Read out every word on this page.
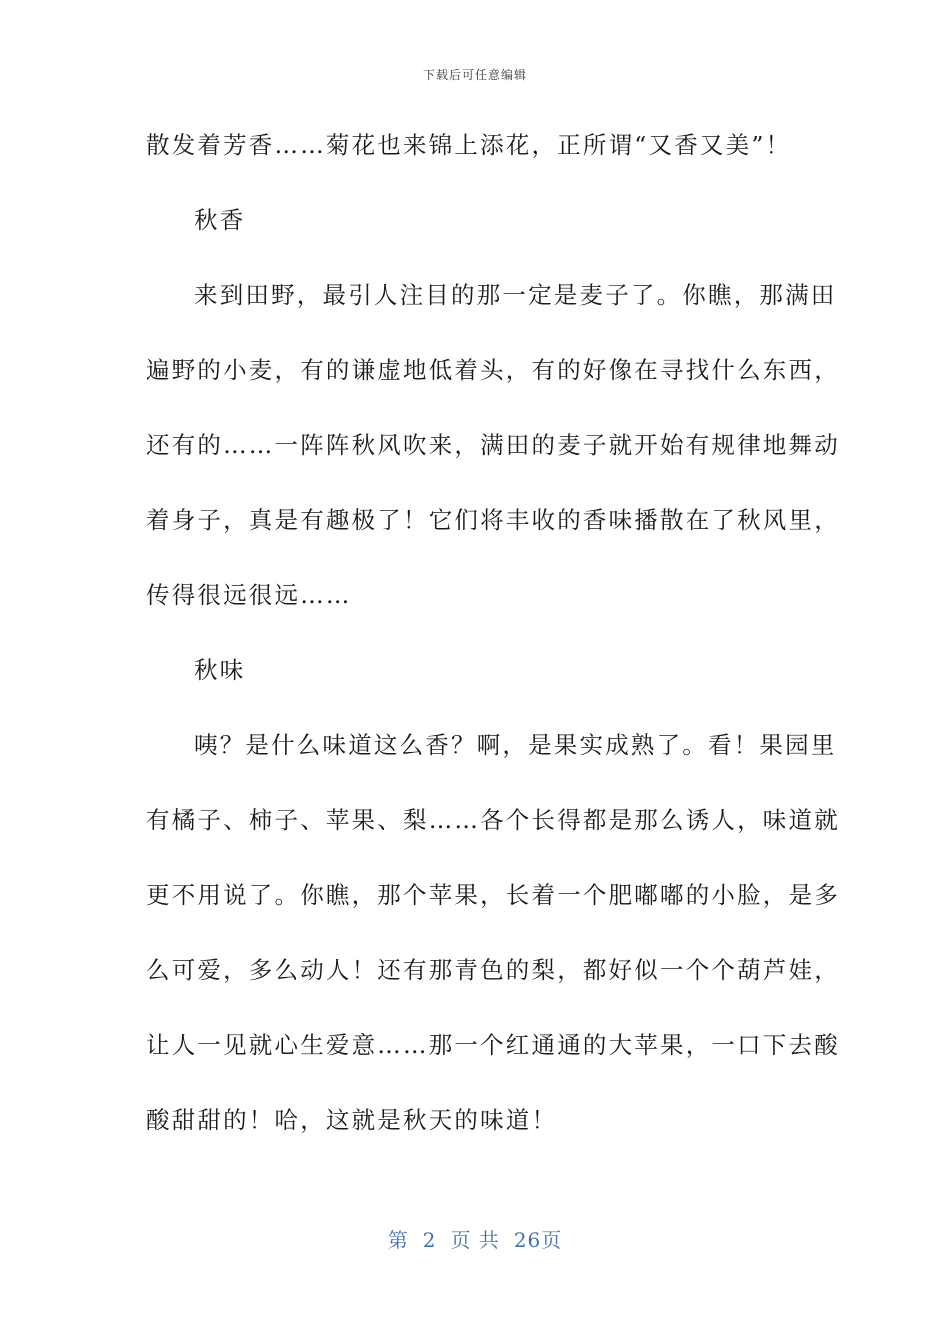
下载后可任意编辑
散发着芳香……菊花也来锦上添花，正所谓“又香又美”！
秋香
来到田野，最引人注目的那一定是麦子了。你瞧，那满田
遍野的小麦，有的谦虚地低着头，有的好像在寻找什么东西，
还有的……一阵阵秋风吹来，满田的麦子就开始有规律地舞动
着身子，真是有趣极了！它们将丰收的香味播散在了秋风里，
传得很远很远……
秋味
咦？是什么味道这么香？啊，是果实成熟了。看！果园里
有橘子、柿子、苹果、梨……各个长得都是那么诱人，味道就
更不用说了。你瞧，那个苹果，长着一个肥嘟嘟的小脸，是多
么可爱，多么动人！还有那青色的梨，都好似一个个葫芦娃，
让人一见就心生爱意……那一个红通通的大苹果，一口下去酸
酸甜甜的！哈，这就是秋天的味道！
第 2 页 共 26页
